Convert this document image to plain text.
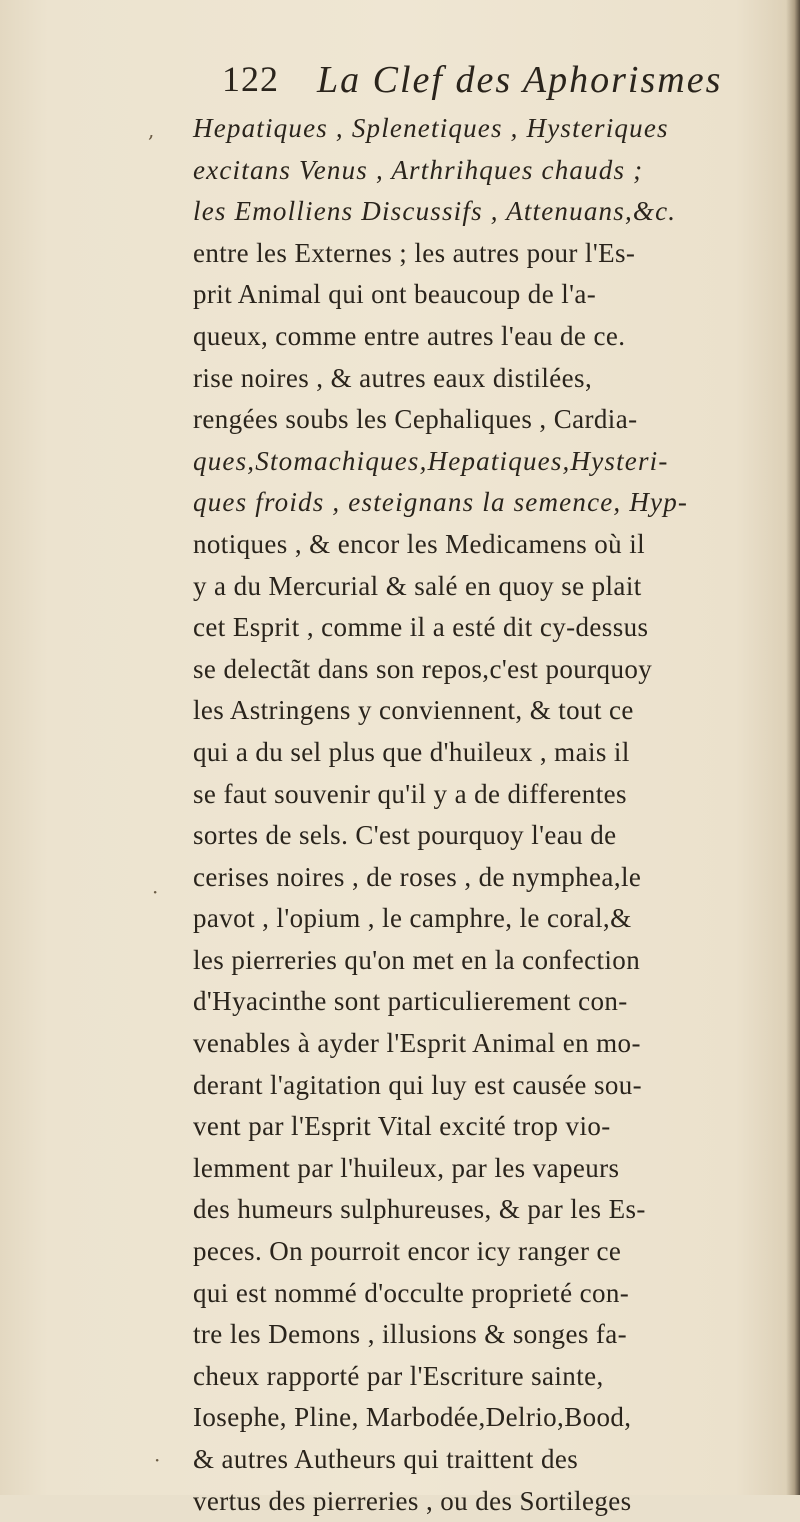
122 La Clef des Aphorismes
,
·
·
Hepatiques , Splenetiques , Hysteriques
excitans Venus , Arthrihques chauds ;
les Emolliens Discussifs , Attenuans,&c.
entre les Externes ; les autres pour l'Es-
prit Animal qui ont beaucoup de l'a-
queux, comme entre autres l'eau de ce.
rise noires , & autres eaux distilées,
rengées soubs les Cephaliques , Cardia-
ques,Stomachiques,Hepatiques,Hysteri-
ques froids , esteignans la semence, Hyp-
notiques , & encor les Medicamens où il
y a du Mercurial & salé en quoy se plait
cet Esprit , comme il a esté dit cy-dessus
se delectãt dans son repos,c'est pourquoy
les Astringens y conviennent, & tout ce
qui a du sel plus que d'huileux , mais il
se faut souvenir qu'il y a de differentes
sortes de sels. C'est pourquoy l'eau de
cerises noires , de roses , de nymphea,le
pavot , l'opium , le camphre, le coral,&
les pierreries qu'on met en la confection
d'Hyacinthe sont particulierement con-
venables à ayder l'Esprit Animal en mo-
derant l'agitation qui luy est causée sou-
vent par l'Esprit Vital excité trop vio-
lemment par l'huileux, par les vapeurs
des humeurs sulphureuses, & par les Es-
peces. On pourroit encor icy ranger ce
qui est nommé d'occulte proprieté con-
tre les Demons , illusions & songes fa-
cheux rapporté par l'Escriture sainte,
Iosephe, Pline, Marbodée,Delrio,Bood,
& autres Autheurs qui traittent des
vertus des pierreries , ou des Sortileges
